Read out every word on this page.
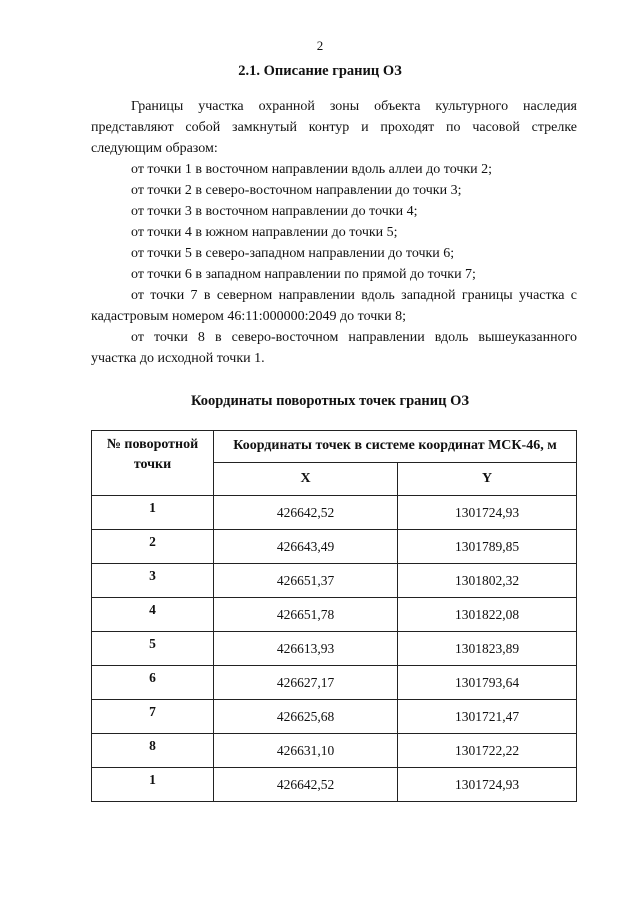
2
2.1. Описание границ ОЗ

Границы участка охранной зоны объекта культурного наследия представляют собой замкнутый контур и проходят по часовой стрелке следующим образом:

от точки 1 в восточном направлении вдоль аллеи до точки 2;
от точки 2 в северо-восточном направлении до точки 3;
от точки 3 в восточном направлении до точки 4;
от точки 4 в южном направлении до точки 5;
от точки 5 в северо-западном направлении до точки 6;
от точки 6 в западном направлении по прямой до точки 7;

от точки 7 в северном направлении вдоль западной границы участка с кадастровым номером 46:11:000000:2049 до точки 8;

от точки 8 в северо-восточном направлении вдоль вышеуказанного участка до исходной точки 1.

Координаты поворотных точек границ ОЗ
№ поворотной точки	Координаты точек в системе координат МСК-46, м	
	X	Y
1	426642,52	1301724,93
2	426643,49	1301789,85
3	426651,37	1301802,32
4	426651,78	1301822,08
5	426613,93	1301823,89
6	426627,17	1301793,64
7	426625,68	1301721,47
8	426631,10	1301722,22
1	426642,52	1301724,93
